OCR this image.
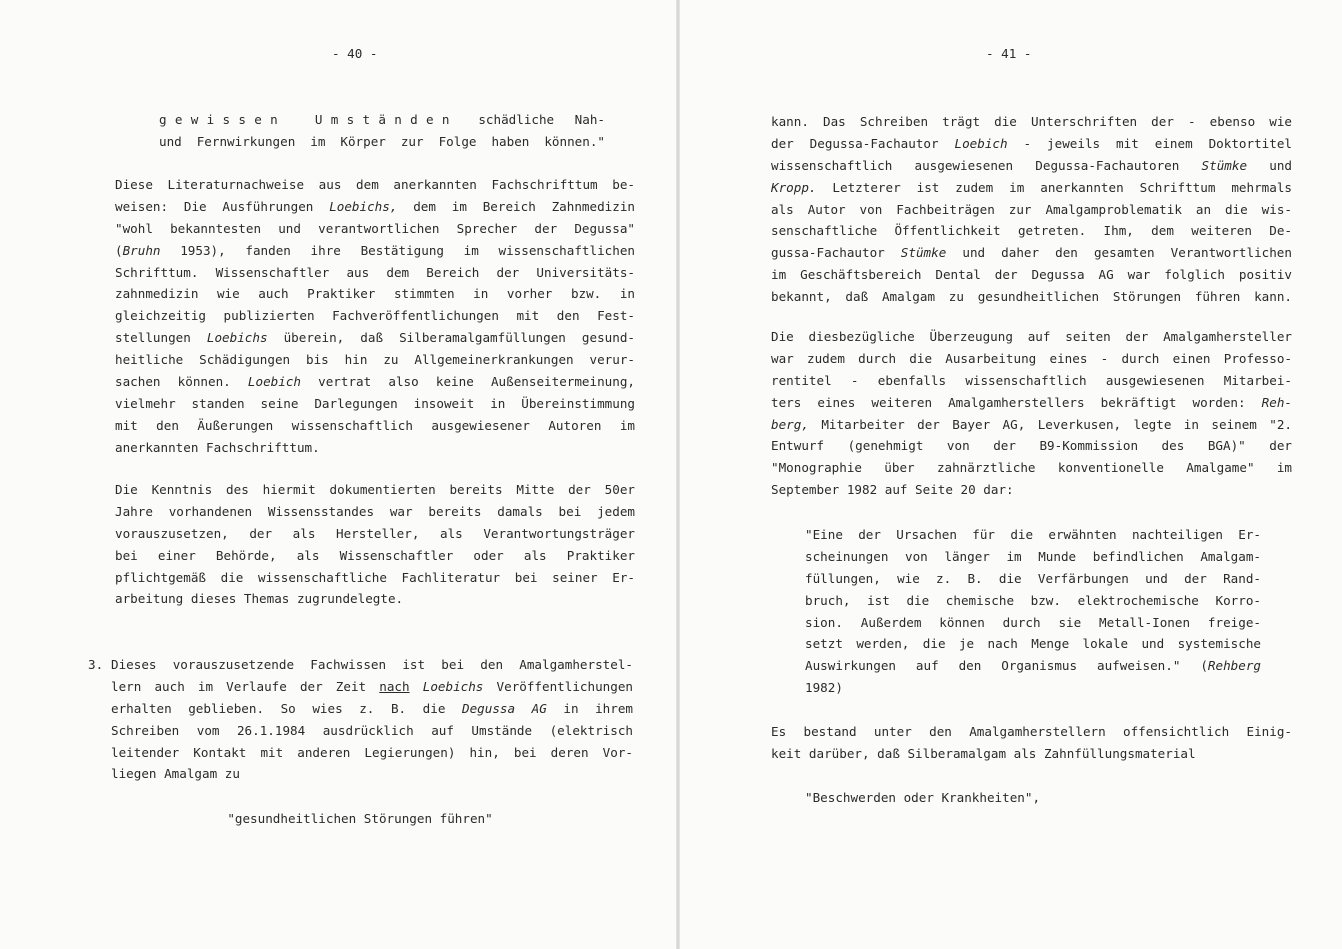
- 40 -
gewissen Umständen schädliche Nah-
und Fernwirkungen im Körper zur Folge haben können."
Diese Literaturnachweise aus dem anerkannten Fachschrifttum be-
weisen: Die Ausführungen Loebichs, dem im Bereich Zahnmedizin
"wohl bekanntesten und verantwortlichen Sprecher der Degussa"
(Bruhn 1953), fanden ihre Bestätigung im wissenschaftlichen
Schrifttum. Wissenschaftler aus dem Bereich der Universitäts-
zahnmedizin wie auch Praktiker stimmten in vorher bzw. in
gleichzeitig publizierten Fachveröffentlichungen mit den Fest-
stellungen Loebichs überein, daß Silberamalgamfüllungen gesund-
heitliche Schädigungen bis hin zu Allgemeinerkrankungen verur-
sachen können. Loebich vertrat also keine Außenseitermeinung,
vielmehr standen seine Darlegungen insoweit in Übereinstimmung
mit den Äußerungen wissenschaftlich ausgewiesener Autoren im
anerkannten Fachschrifttum.
Die Kenntnis des hiermit dokumentierten bereits Mitte der 50er
Jahre vorhandenen Wissensstandes war bereits damals bei jedem
vorauszusetzen, der als Hersteller, als Verantwortungsträger
bei einer Behörde, als Wissenschaftler oder als Praktiker
pflichtgemäß die wissenschaftliche Fachliteratur bei seiner Er-
arbeitung dieses Themas zugrundelegte.
3. Dieses vorauszusetzende Fachwissen ist bei den Amalgamherstel-
lern auch im Verlaufe der Zeit nach Loebichs Veröffentlichungen
erhalten geblieben. So wies z. B. die Degussa AG in ihrem
Schreiben vom 26.1.1984 ausdrücklich auf Umstände (elektrisch
leitender Kontakt mit anderen Legierungen) hin, bei deren Vor-
liegen Amalgam zu
"gesundheitlichen Störungen führen"
- 41 -
kann. Das Schreiben trägt die Unterschriften der - ebenso wie
der Degussa-Fachautor Loebich - jeweils mit einem Doktortitel
wissenschaftlich ausgewiesenen Degussa-Fachautoren Stümke und
Kropp. Letzterer ist zudem im anerkannten Schrifttum mehrmals
als Autor von Fachbeiträgen zur Amalgamproblematik an die wis-
senschaftliche Öffentlichkeit getreten. Ihm, dem weiteren De-
gussa-Fachautor Stümke und daher den gesamten Verantwortlichen
im Geschäftsbereich Dental der Degussa AG war folglich positiv
bekannt, daß Amalgam zu gesundheitlichen Störungen führen kann.
Die diesbezügliche Überzeugung auf seiten der Amalgamhersteller
war zudem durch die Ausarbeitung eines - durch einen Professo-
rentitel - ebenfalls wissenschaftlich ausgewiesenen Mitarbei-
ters eines weiteren Amalgamherstellers bekräftigt worden: Reh-
berg, Mitarbeiter der Bayer AG, Leverkusen, legte in seinem "2.
Entwurf (genehmigt von der B9-Kommission des BGA)" der
"Monographie über zahnärztliche konventionelle Amalgame" im
September 1982 auf Seite 20 dar:
"Eine der Ursachen für die erwähnten nachteiligen Er-
scheinungen von länger im Munde befindlichen Amalgam-
füllungen, wie z. B. die Verfärbungen und der Rand-
bruch, ist die chemische bzw. elektrochemische Korro-
sion. Außerdem können durch sie Metall-Ionen freige-
setzt werden, die je nach Menge lokale und systemische
Auswirkungen auf den Organismus aufweisen." (Rehberg
1982)
Es bestand unter den Amalgamherstellern offensichtlich Einig-
keit darüber, daß Silberamalgam als Zahnfüllungsmaterial
"Beschwerden oder Krankheiten",
